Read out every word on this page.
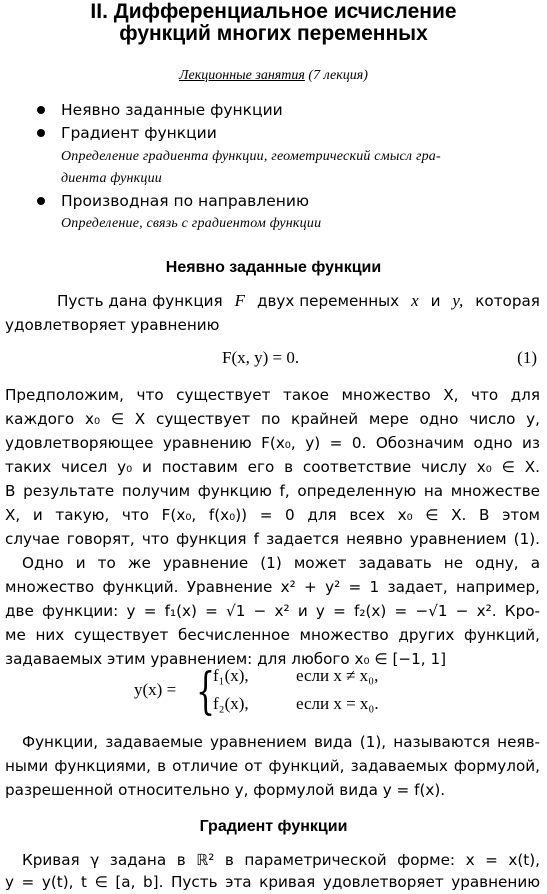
II. Дифференциальное исчисление
функций многих переменных
Лекционные занятия (7 лекция)
Неявно заданные функции
Градиент функции
Определение градиента функции, геометрический смысл гра-
диента функции
Производная по направлению
Определение, связь с градиентом функции
Неявно заданные функции
Пусть дана функция F двух переменных x и y, которая
удовлетворяет уравнению
F(x, y) = 0.	(1)
Предположим, что существует такое множество X, что для
каждого x₀ ∈ X существует по крайней мере одно число y,
удовлетворяющее уравнению F(x₀, y) = 0. Обозначим одно из
таких чисел y₀ и поставим его в соответствие числу x₀ ∈ X.
В результате получим функцию f, определенную на множестве
X, и такую, что F(x₀, f(x₀)) = 0 для всех x₀ ∈ X. В этом
случае говорят, что функция f задается неявно уравнением (1).
Одно и то же уравнение (1) может задавать не одну, а
множество функций. Уравнение x² + y² = 1 задает, например,
две функции: y = f₁(x) = √1 − x² и y = f₂(x) = −√1 − x². Кро-
ме них существует бесчисленное множество других функций,
задаваемых этим уравнением: для любого x₀ ∈ [−1, 1]
y(x) = {
f₁(x),	если x ≠ x₀,
f₂(x),	если x = x₀.
Функции, задаваемые уравнением вида (1), называются неяв-
ными функциями, в отличие от функций, задаваемых формулой,
разрешенной относительно y, формулой вида y = f(x).
Градиент функции
Кривая γ задана в ℝ² в параметрической форме: x = x(t),
y = y(t), t ∈ [a, b]. Пусть эта кривая удовлетворяет уравнению
